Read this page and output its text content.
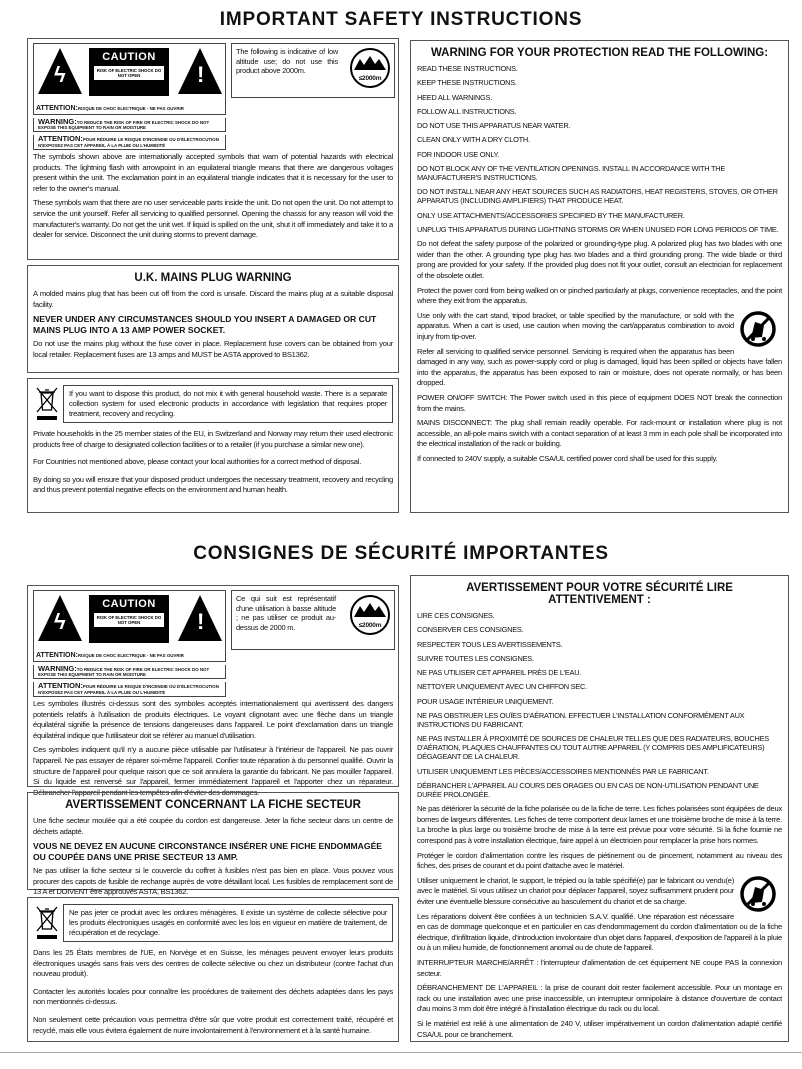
IMPORTANT SAFETY INSTRUCTIONS
ϟ
CAUTION
RISK OF ELECTRIC SHOCK DO NOT OPEN	!
ATTENTION:RISQUE DE CHOC ELECTRIQUE - NE PAS OUVRIR
WARNING:TO REDUCE THE RISK OF FIRE OR ELECTRIC SHOCK DO NOT EXPOSE THIS EQUIPMENT TO RAIN OR MOISTURE
ATTENTION:POUR RÉDUIRE LE RISQUE D'INCENDIE OU D'ÉLECTROCUTION N'EXPOSEZ PAS CET APPAREIL À LA PLUIE OU L'HUMIDITÉ
The following is indicative of low altitude use; do not use this product above 2000m.
≤2000m

The symbols shown above are internationally accepted symbols that warn of potential hazards with electrical products. The lightning flash with arrowpoint in an equilateral triangle means that there are dangerous voltages present within the unit. The exclamation point in an equilateral triangle indicates that it is necessary for the user to refer to the owner's manual.

These symbols warn that there are no user serviceable parts inside the unit. Do not open the unit. Do not attempt to service the unit yourself. Refer all servicing to qualified personnel. Opening the chassis for any reason will void the manufacturer's warranty. Do not get the unit wet. If liquid is spilled on the unit, shut it off immediately and take it to a dealer for service. Disconnect the unit during storms to prevent damage.

U.K. MAINS PLUG WARNING

A molded mains plug that has been cut off from the cord is unsafe. Discard the mains plug at a suitable disposal facility.

NEVER UNDER ANY CIRCUMSTANCES SHOULD YOU INSERT A DAMAGED OR CUT MAINS PLUG INTO A 13 AMP POWER SOCKET.

Do not use the mains plug without the fuse cover in place. Replacement fuse covers can be obtained from your local retailer. Replacement fuses are 13 amps and MUST be ASTA approved to BS1362.

If you want to dispose this product, do not mix it with general household waste. There is a separate collection system for used electronic products in accordance with legislation that requires proper treatment, recovery and recycling.

Private households in the 25 member states of the EU, in Switzerland and Norway may return their used electronic products free of charge to designated collection facilities or to a retailer (if you purchase a similar new one).

For Countries not mentioned above, please contact your local authorities for a correct method of disposal.

By doing so you will ensure that your disposed product undergoes the necessary treatment, recovery and recycling and thus prevent potential negative effects on the environment and human health.

WARNING FOR YOUR PROTECTION READ THE FOLLOWING:

READ THESE INSTRUCTIONS.

KEEP THESE INSTRUCTIONS.

HEED ALL WARNINGS.

FOLLOW ALL INSTRUCTIONS.

DO NOT USE THIS APPARATUS NEAR WATER.

CLEAN ONLY WITH A DRY CLOTH.

FOR INDOOR USE ONLY.

DO NOT BLOCK ANY OF THE VENTILATION OPENINGS. INSTALL IN ACCORDANCE WITH THE MANUFACTURER'S INSTRUCTIONS.

DO NOT INSTALL NEAR ANY HEAT SOURCES SUCH AS RADIATORS, HEAT REGISTERS, STOVES, OR OTHER APPARATUS (INCLUDING AMPLIFIERS) THAT PRODUCE HEAT.

ONLY USE ATTACHMENTS/ACCESSORIES SPECIFIED BY THE MANUFACTURER.

UNPLUG THIS APPARATUS DURING LIGHTNING STORMS OR WHEN UNUSED FOR LONG PERIODS OF TIME.

Do not defeat the safety purpose of the polarized or grounding-type plug. A polarized plug has two blades with one wider than the other. A grounding type plug has two blades and a third grounding prong. The wide blade or third prong are provided for your safety. If the provided plug does not fit your outlet, consult an electrician for replacement of the obsolete outlet.

Protect the power cord from being walked on or pinched particularly at plugs, convenience receptacles, and the point where they exit from the apparatus.

Use only with the cart stand, tripod bracket, or table specified by the manufacture, or sold with the apparatus. When a cart is used, use caution when moving the cart/apparatus combination to avoid injury from tip-over.

Refer all servicing to qualified service personnel. Servicing is required when the apparatus has been damaged in any way, such as power-supply cord or plug is damaged, liquid has been spilled or objects have fallen into the apparatus, the apparatus has been exposed to rain or moisture, does not operate normally, or has been dropped.

POWER ON/OFF SWITCH: The Power switch used in this piece of equipment DOES NOT break the connection from the mains.

MAINS DISCONNECT: The plug shall remain readily operable. For rack-mount or installation where plug is not accessible, an all-pole mains switch with a contact separation of at least 3 mm in each pole shall be incorporated into the electrical installation of the rack or building.

If connected to 240V supply, a suitable CSA/UL certified power cord shall be used for this supply.

CONSIGNES DE SÉCURITÉ IMPORTANTES
ϟ
CAUTION
RISK OF ELECTRIC SHOCK DO NOT OPEN	!
ATTENTION:RISQUE DE CHOC ELECTRIQUE - NE PAS OUVRIR
WARNING:TO REDUCE THE RISK OF FIRE OR ELECTRIC SHOCK DO NOT EXPOSE THIS EQUIPMENT TO RAIN OR MOISTURE
ATTENTION:POUR RÉDUIRE LE RISQUE D'INCENDIE OU D'ÉLECTROCUTION N'EXPOSEZ PAS CET APPAREIL À LA PLUIE OU L'HUMIDITÉ
Ce qui suit est représentatif d'une utilisation à basse altitude ; ne pas utiliser ce produit au-dessus de 2000 m.	≤2000m

Les symboles illustrés ci-dessus sont des symboles acceptés internationalement qui avertissent des dangers potentiels relatifs à l'utilisation de produits électriques. Le voyant clignotant avec une flèche dans un triangle équilatéral signifie la présence de tensions dangereuses dans l'appareil. Le point d'exclamation dans un triangle équilatéral indique que l'utilisateur doit se référer au manuel d'utilisation.

Ces symboles indiquent qu'il n'y a aucune pièce utilisable par l'utilisateur à l'intérieur de l'appareil. Ne pas ouvrir l'appareil. Ne pas essayer de réparer soi-même l'appareil. Confier toute réparation à du personnel qualifié. Ouvrir la structure de l'appareil pour quelque raison que ce soit annulera la garantie du fabricant. Ne pas mouiller l'appareil. Si du liquide est renversé sur l'appareil, fermer immédiatement l'appareil et l'apporter chez un réparateur. Débrancher l'appareil pendant les tempêtes afin d'éviter des dommages.

AVERTISSEMENT CONCERNANT LA FICHE SECTEUR

Une fiche secteur moulée qui a été coupée du cordon est dangereuse. Jeter la fiche secteur dans un centre de déchets adapté.

VOUS NE DEVEZ EN AUCUNE CIRCONSTANCE INSÉRER UNE FICHE ENDOMMAGÉE OU COUPÉE DANS UNE PRISE SECTEUR 13 AMP.

Ne pas utiliser la fiche secteur si le couvercle du coffret à fusibles n'est pas bien en place. Vous pouvez vous procurer des capots de fusible de rechange auprès de votre détaillant local. Les fusibles de remplacement sont de 13 A et DOIVENT être approuvés ASTA, BS1362.

Ne pas jeter ce produit avec les ordures ménagères. Il existe un système de collecte sélective pour les produits électroniques usagés en conformité avec les lois en vigueur en matière de traitement, de récupération et de recyclage.

Dans les 25 États membres de l'UE, en Norvège et en Suisse, les ménages peuvent envoyer leurs produits électroniques usagés sans frais vers des centres de collecte sélective ou chez un distributeur (contre l'achat d'un nouveau produit).

Contacter les autorités locales pour connaître les procédures de traitement des déchets adaptées dans les pays non mentionnés ci-dessus.

Non seulement cette précaution vous permettra d'être sûr que votre produit est correctement traité, récupéré et recyclé, mais elle vous évitera également de nuire involontairement à l'environnement et à la santé humaine.

AVERTISSEMENT POUR VOTRE SÉCURITÉ LIRE ATTENTIVEMENT :

LIRE CES CONSIGNES.

CONSERVER CES CONSIGNES.

RESPECTER TOUS LES AVERTISSEMENTS.

SUIVRE TOUTES LES CONSIGNES.

NE PAS UTILISER CET APPAREIL PRÈS DE L'EAU.

NETTOYER UNIQUEMENT AVEC UN CHIFFON SEC.

POUR USAGE INTÉRIEUR UNIQUEMENT.

NE PAS OBSTRUER LES OUÏES D'AÉRATION. EFFECTUER L'INSTALLATION CONFORMÉMENT AUX INSTRUCTIONS DU FABRICANT.

NE PAS INSTALLER À PROXIMITÉ DE SOURCES DE CHALEUR TELLES QUE DES RADIATEURS, BOUCHES D'AÉRATION, PLAQUES CHAUFFANTES OU TOUT AUTRE APPAREIL (Y COMPRIS DES AMPLIFICATEURS) DÉGAGEANT DE LA CHALEUR.

UTILISER UNIQUEMENT LES PIÈCES/ACCESSOIRES MENTIONNÉS PAR LE FABRICANT.

DÉBRANCHER L'APPAREIL AU COURS DES ORAGES OU EN CAS DE NON-UTILISATION PENDANT UNE DURÉE PROLONGÉE.

Ne pas détériorer la sécurité de la fiche polarisée ou de la fiche de terre. Les fiches polarisées sont équipées de deux bornes de largeurs différentes. Les fiches de terre comportent deux lames et une troisième broche de mise à la terre. La broche la plus large ou troisième broche de mise à la terre est prévue pour votre sécurité. Si la fiche fournie ne correspond pas à votre installation électrique, faire appel à un électricien pour remplacer la prise hors normes.

Protéger le cordon d'alimentation contre les risques de piétinement ou de pincement, notamment au niveau des fiches, des prises de courant et du point d'attache avec le matériel.

Utiliser uniquement le chariot, le support, le trépied ou la table spécifié(e) par le fabricant ou vendu(e) avec le matériel. Si vous utilisez un chariot pour déplacer l'appareil, soyez suffisamment prudent pour éviter une éventuelle blessure consécutive au basculement du chariot et de sa charge.

Les réparations doivent être confiées à un technicien S.A.V. qualifié. Une réparation est nécessaire en cas de dommage quelconque et en particulier en cas d'endommagement du cordon d'alimentation ou de la fiche électrique, d'infiltration liquide, d'introduction involontaire d'un objet dans l'appareil, d'exposition de l'appareil à la pluie ou à un milieu humide, de fonctionnement anomal ou de chute de l'appareil.

INTERRUPTEUR MARCHE/ARRÊT : l'interrupteur d'alimentation de cet équipement NE coupe PAS la connexion secteur.

DÉBRANCHEMENT DE L'APPAREIL : la prise de courant doit rester facilement accessible. Pour un montage en rack ou une installation avec une prise inaccessible, un interrupteur omnipolaire à distance d'ouverture de contact d'au moins 3 mm doit être intégré à l'installation électrique du rack ou du local.

Si le matériel est relié à une alimentation de 240 V, utiliser impérativement un cordon d'alimentation adapté certifié CSA/UL pour ce branchement.
